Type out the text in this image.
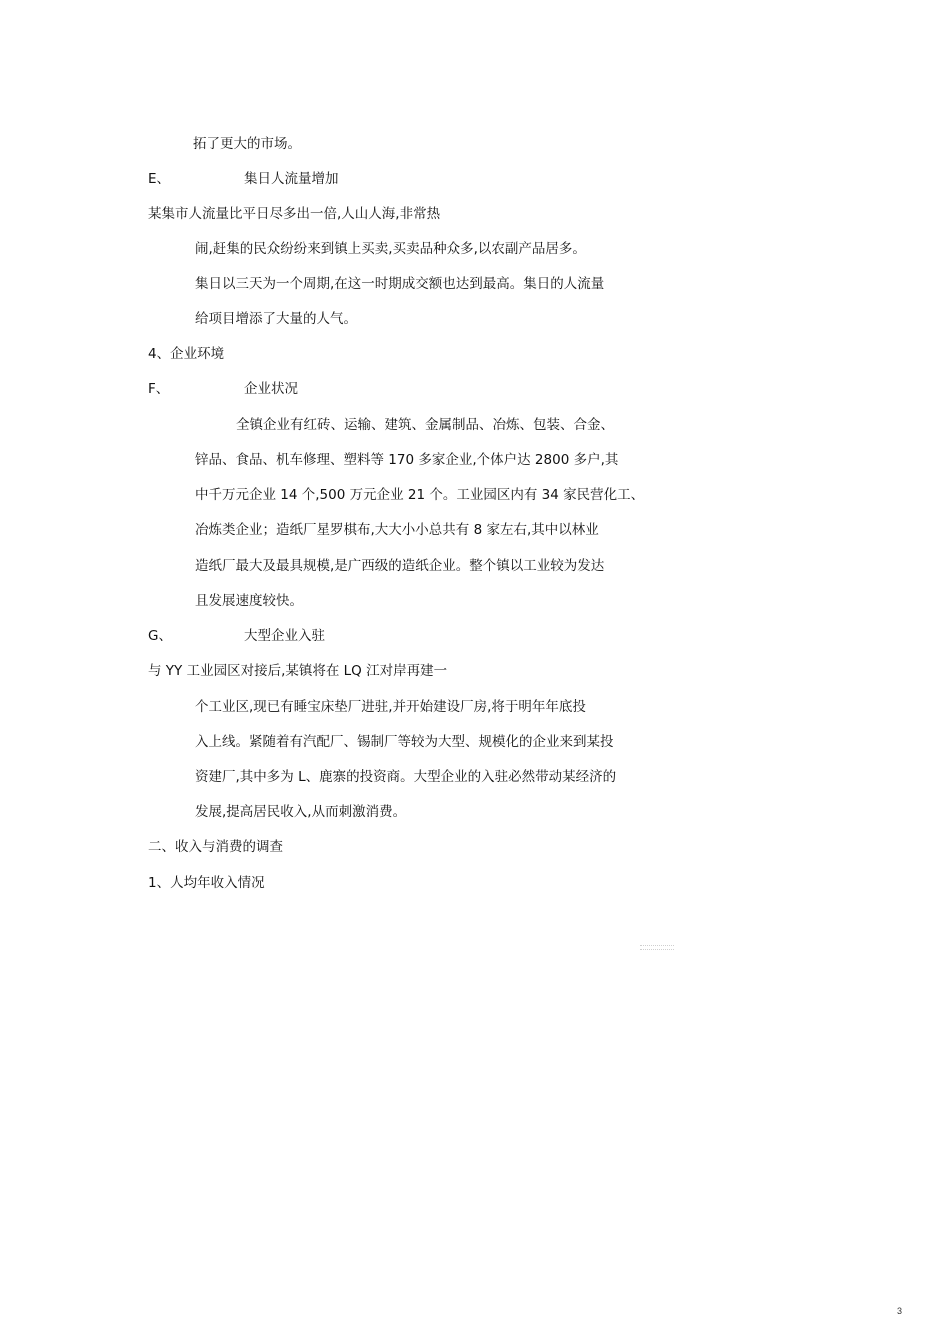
拓了更大的市场。
E、	集日人流量增加
某集市人流量比平日尽多出一倍,人山人海,非常热
闹,赶集的民众纷纷来到镇上买卖,买卖品种众多,以农副产品居多。
集日以三天为一个周期,在这一时期成交额也达到最高。集日的人流量
给项目增添了大量的人气。
4、企业环境
F、	企业状况
全镇企业有红砖、运输、建筑、金属制品、冶炼、包装、合金、
锌品、食品、机车修理、塑料等 170 多家企业,个体户达 2800 多户,其
中千万元企业 14 个,500 万元企业 21 个。工业园区内有 34 家民营化工、
冶炼类企业；造纸厂星罗棋布,大大小小总共有 8 家左右,其中以林业
造纸厂最大及最具规模,是广西级的造纸企业。整个镇以工业较为发达
且发展速度较快。
G、	大型企业入驻
与 YY 工业园区对接后,某镇将在 LQ 江对岸再建一
个工业区,现已有睡宝床垫厂进驻,并开始建设厂房,将于明年年底投
入上线。紧随着有汽配厂、锡制厂等较为大型、规模化的企业来到某投
资建厂,其中多为 L、鹿寨的投资商。大型企业的入驻必然带动某经济的
发展,提高居民收入,从而刺激消费。
二、收入与消费的调查
1、人均年收入情况
3
